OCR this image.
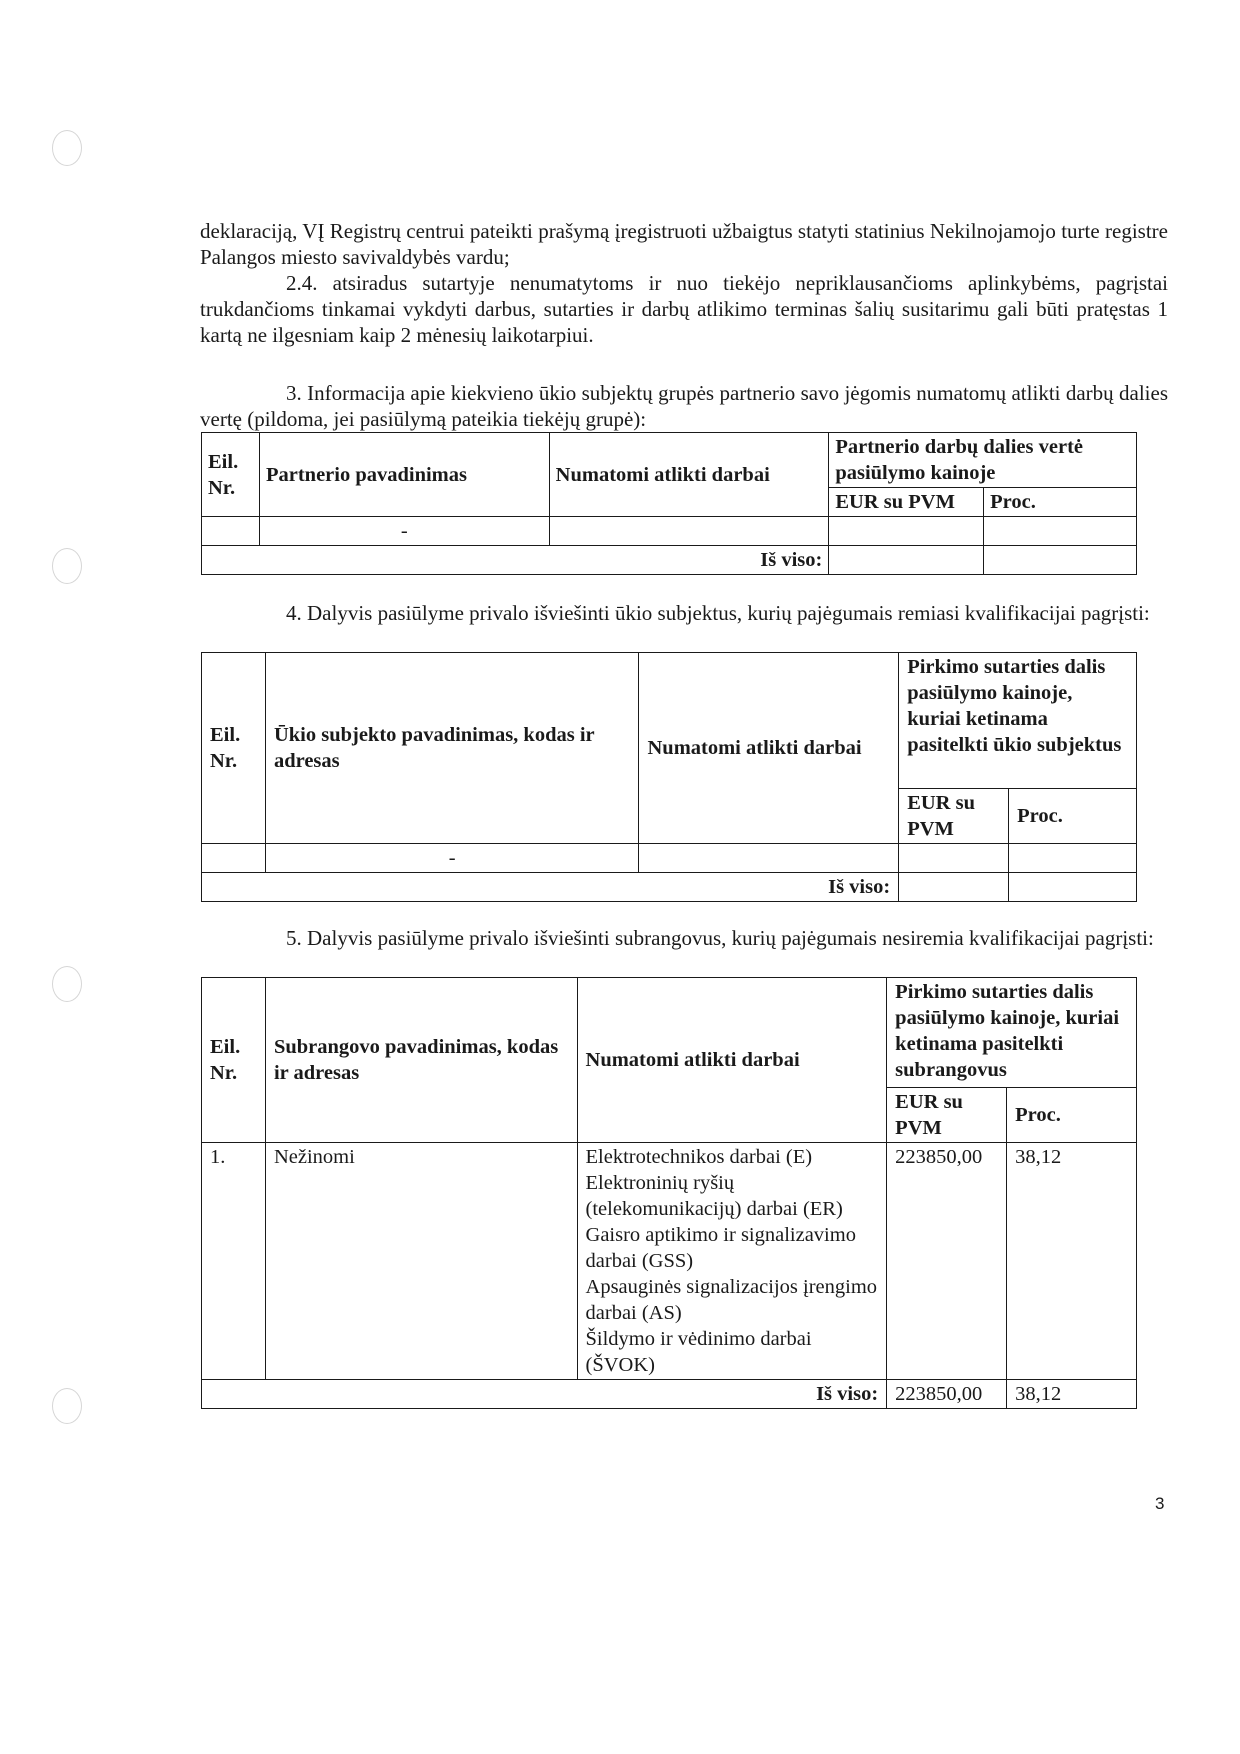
deklaraciją, VĮ Registrų centrui pateikti prašymą įregistruoti užbaigtus statyti statinius Nekilnojamojo turte registre Palangos miesto savivaldybės vardu;

2.4. atsiradus sutartyje nenumatytoms ir nuo tiekėjo nepriklausančioms aplinkybėms, pagrįstai trukdančioms tinkamai vykdyti darbus, sutarties ir darbų atlikimo terminas šalių susitarimu gali būti pratęstas 1 kartą ne ilgesniam kaip 2 mėnesių laikotarpiui.

3. Informacija apie kiekvieno ūkio subjektų grupės partnerio savo jėgomis numatomų atlikti darbų dalies vertę (pildoma, jei pasiūlymą pateikia tiekėjų grupė):

Eil. Nr.	Partnerio pavadinimas	Numatomi atlikti darbai	Partnerio darbų dalies vertė pasiūlymo kainoje	
			EUR su PVM	Proc.
	-			
Iš viso:				

4. Dalyvis pasiūlyme privalo išviešinti ūkio subjektus, kurių pajėgumais remiasi kvalifikacijai pagrįsti:

Eil. Nr.	Ūkio subjekto pavadinimas, kodas ir adresas	Numatomi atlikti darbai	Pirkimo sutarties dalis pasiūlymo kainoje, kuriai ketinama pasitelkti ūkio subjektus	
			EUR su PVM	Proc.
	-			
Iš viso:				

5. Dalyvis pasiūlyme privalo išviešinti subrangovus, kurių pajėgumais nesiremia kvalifikacijai pagrįsti:

Eil. Nr.	Subrangovo pavadinimas, kodas ir adresas	Numatomi atlikti darbai	Pirkimo sutarties dalis pasiūlymo kainoje, kuriai ketinama pasitelkti subrangovus	
			EUR su PVM	Proc.
1.	Nežinomi	Elektrotechnikos darbai (E)
Elektroninių ryšių (telekomunikacijų) darbai (ER)
Gaisro aptikimo ir signalizavimo darbai (GSS)
Apsauginės signalizacijos įrengimo darbai (AS)
Šildymo ir vėdinimo darbai (ŠVOK)	223850,00	38,12
Iš viso:			223850,00	38,12
3
